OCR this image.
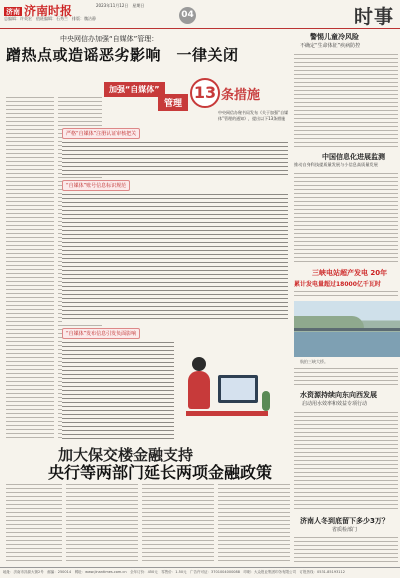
济南 济南时报	2023年11月12日　星期日
总编辑：许英宏　值班编辑：石秀兰　排版：魏洁静	04	时事
中央网信办加强“自媒体”管理：
蹭热点或造谣恶劣影响　一律关闭
加强“自媒体”
管理
13 条措施
中央网信办秘书局发布《关于加强“自媒体”管理的通知》，提出以下13条措施
严格“自媒体”注册认证审核把关
“自媒体”账号信息标识规范
“自媒体”发布信息引发负面影响
警惕儿童冷风险
不确定“生命体征”疾病防控
中国信息化进展监测
推动自身科技提质量发展与小信息高质量发展
三峡电站超产发电 20年
累计发电量超过18000亿千瓦时
航拍三峡大桥。
水资源持续向东向西发展
启动用水效率和效益专项行动
济南人冬到底留下多少3万？
省质检部门
加大保交楼金融支持
央行等两部门延长两项金融政策
地址：济南市泺源大街2号　邮编：250014　网址：www.jinantimes.com.cn　全年订价：450元　零售价：1.50元　广告许可证：3701004000088　印刷：大众报业集团印务有限公司　订报热线：0531-85193112
